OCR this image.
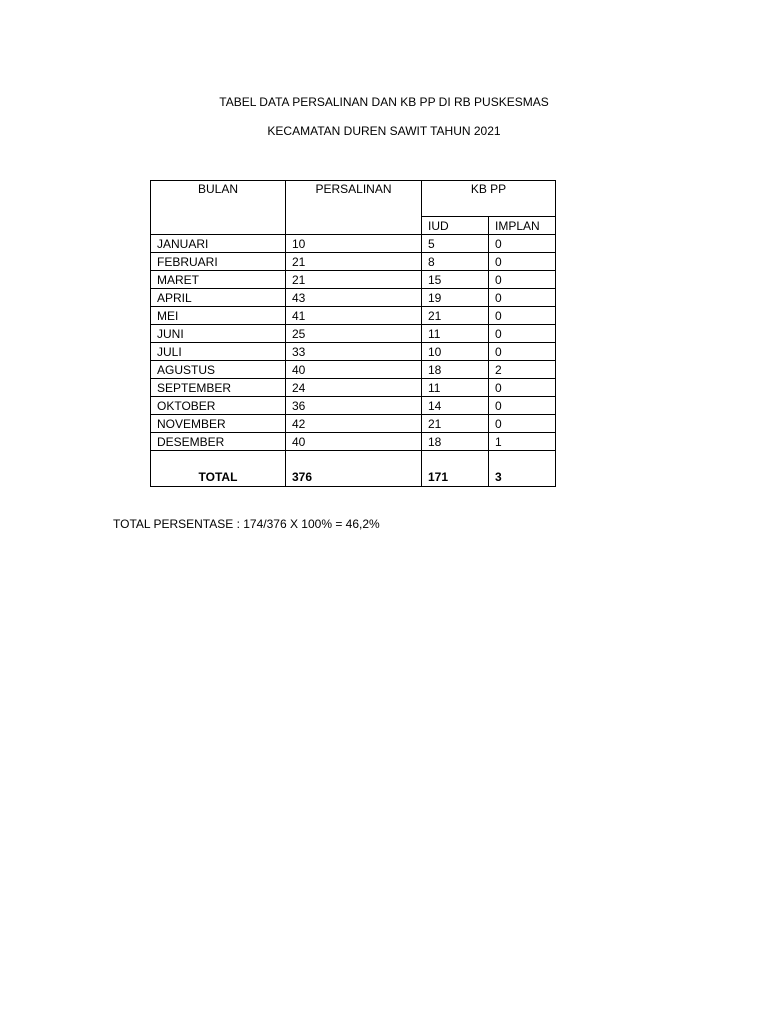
TABEL DATA PERSALINAN DAN KB PP DI RB PUSKESMAS
KECAMATAN DUREN SAWIT TAHUN 2021
BULAN	PERSALINAN	KB PP	
		IUD	IMPLAN
JANUARI	10	5	0
FEBRUARI	21	8	0
MARET	21	15	0
APRIL	43	19	0
MEI	41	21	0
JUNI	25	11	0
JULI	33	10	0
AGUSTUS	40	18	2
SEPTEMBER	24	11	0
OKTOBER	36	14	0
NOVEMBER	42	21	0
DESEMBER	40	18	1
TOTAL	376	171	3
TOTAL PERSENTASE : 174/376 X 100% = 46,2%
